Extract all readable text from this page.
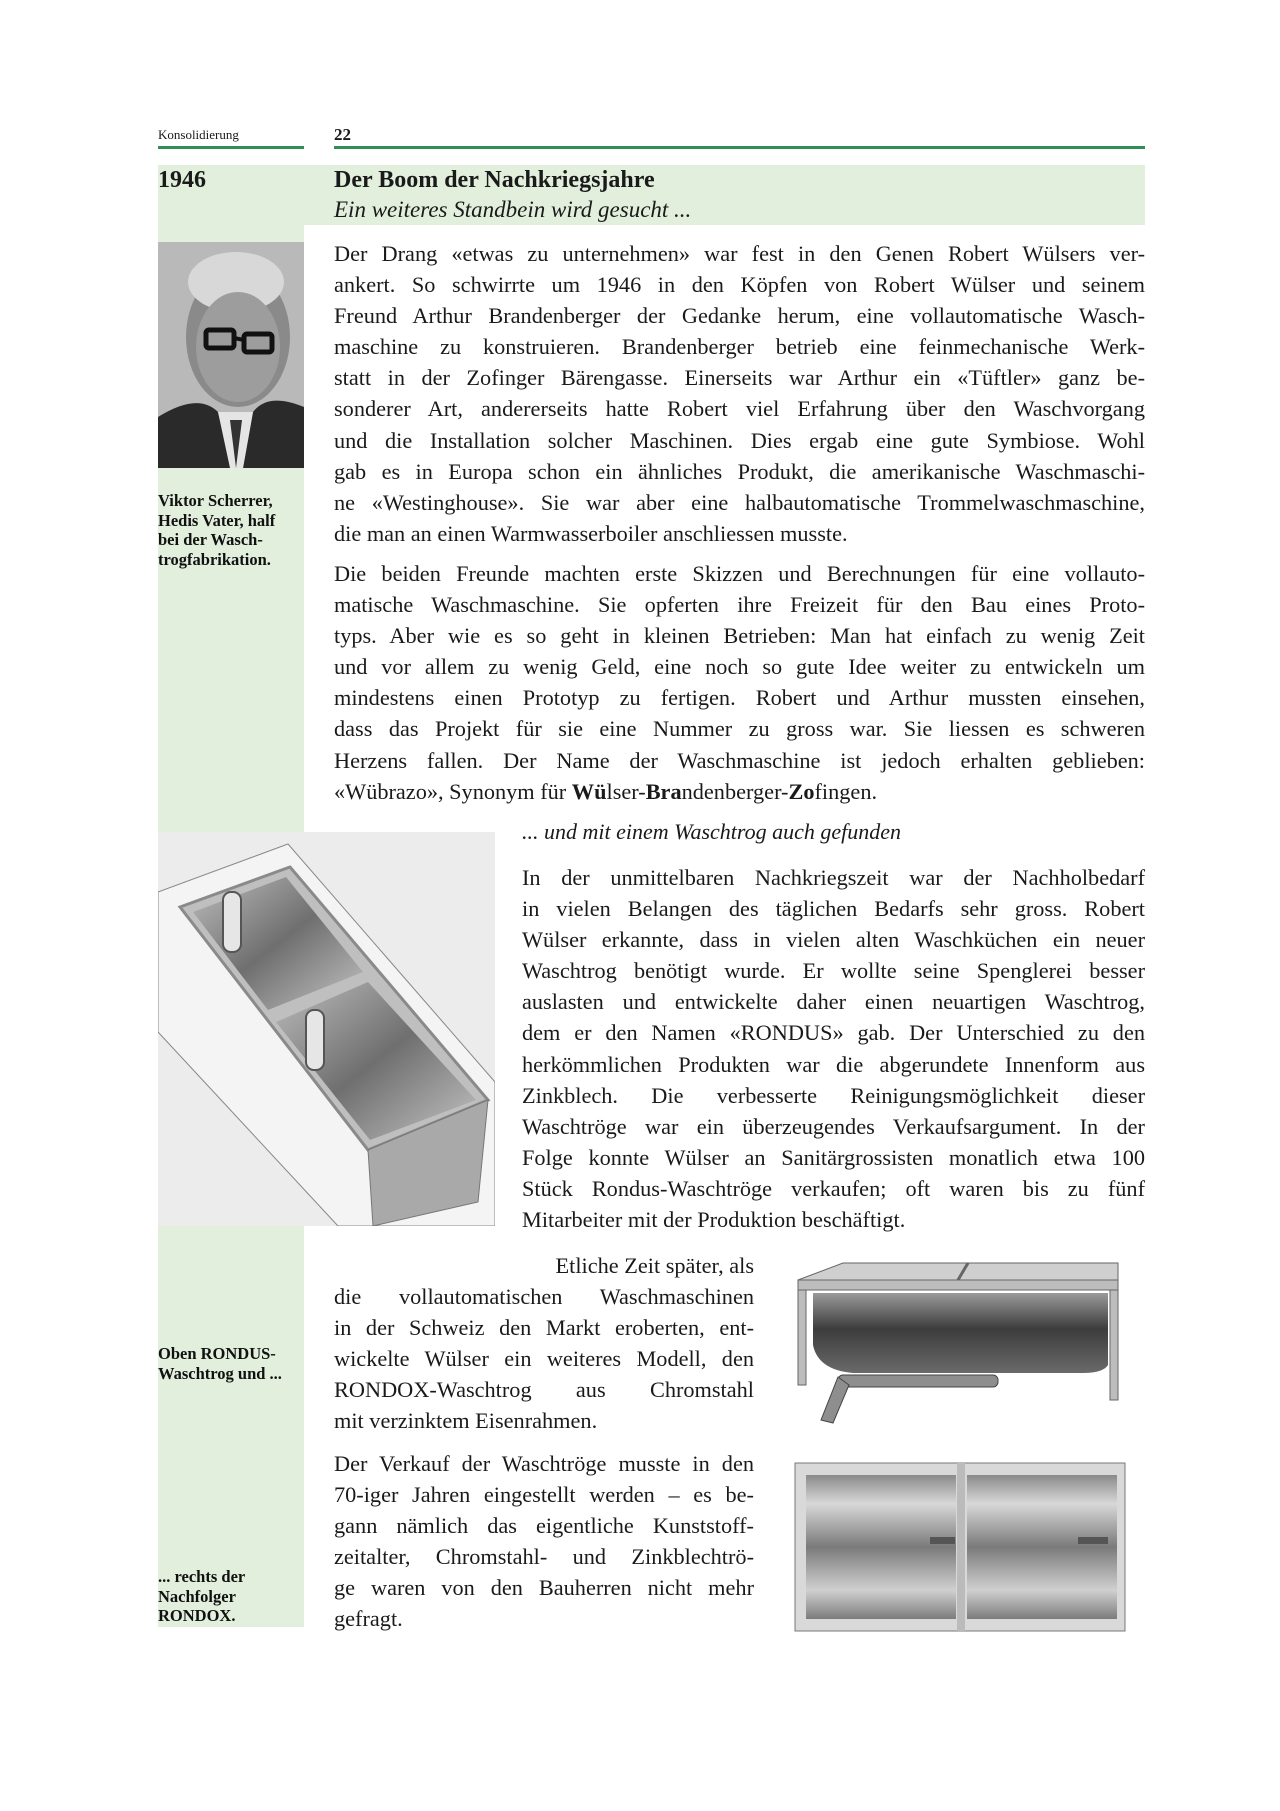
Konsolidierung	22
1946	Der Boom der Nachkriegsjahre
Ein weiteres Standbein wird gesucht ...
Viktor Scherrer,
Hedis Vater, half
bei der Wasch-
trogfabrikation.
Der Drang «etwas zu unternehmen» war fest in den Genen Robert Wülsers ver-
ankert. So schwirrte um 1946 in den Köpfen von Robert Wülser und seinem
Freund Arthur Brandenberger der Gedanke herum, eine vollautomatische Wasch-
maschine zu konstruieren. Brandenberger betrieb eine feinmechanische Werk-
statt in der Zofinger Bärengasse. Einerseits war Arthur ein «Tüftler» ganz be-
sonderer Art, andererseits hatte Robert viel Erfahrung über den Waschvorgang
und die Installation solcher Maschinen. Dies ergab eine gute Symbiose. Wohl
gab es in Europa schon ein ähnliches Produkt, die amerikanische Waschmaschi-
ne «Westinghouse». Sie war aber eine halbautomatische Trommelwaschmaschine,
die man an einen Warmwasserboiler anschliessen musste.
Die beiden Freunde machten erste Skizzen und Berechnungen für eine vollauto-
matische Waschmaschine. Sie opferten ihre Freizeit für den Bau eines Proto-
typs. Aber wie es so geht in kleinen Betrieben: Man hat einfach zu wenig Zeit
und vor allem zu wenig Geld, eine noch so gute Idee weiter zu entwickeln um
mindestens einen Prototyp zu fertigen. Robert und Arthur mussten einsehen,
dass das Projekt für sie eine Nummer zu gross war. Sie liessen es schweren
Herzens fallen. Der Name der Waschmaschine ist jedoch erhalten geblieben:
«Wübrazo», Synonym für Wülser-Brandenberger-Zofingen.
... und mit einem Waschtrog auch gefunden
In der unmittelbaren Nachkriegszeit war der Nachholbedarf
in vielen Belangen des täglichen Bedarfs sehr gross. Robert
Wülser erkannte, dass in vielen alten Waschküchen ein neuer
Waschtrog benötigt wurde. Er wollte seine Spenglerei besser
auslasten und entwickelte daher einen neuartigen Waschtrog,
dem er den Namen «RONDUS» gab. Der Unterschied zu den
herkömmlichen Produkten war die abgerundete Innenform aus
Zinkblech. Die verbesserte Reinigungsmöglichkeit dieser
Waschtröge war ein überzeugendes Verkaufsargument. In der
Folge konnte Wülser an Sanitärgrossisten monatlich etwa 100
Stück Rondus-Waschtröge verkaufen; oft waren bis zu fünf
Mitarbeiter mit der Produktion beschäftigt.
Oben RONDUS-
Waschtrog und ...
Etliche Zeit später, als
die vollautomatischen Waschmaschinen
in der Schweiz den Markt eroberten, ent-
wickelte Wülser ein weiteres Modell, den
RONDOX-Waschtrog aus Chromstahl
mit verzinktem Eisenrahmen.
Der Verkauf der Waschtröge musste in den
70-iger Jahren eingestellt werden – es be-
gann nämlich das eigentliche Kunststoff-
zeitalter, Chromstahl- und Zinkblechtrö-
ge waren von den Bauherren nicht mehr
gefragt.
... rechts der
Nachfolger
RONDOX.
